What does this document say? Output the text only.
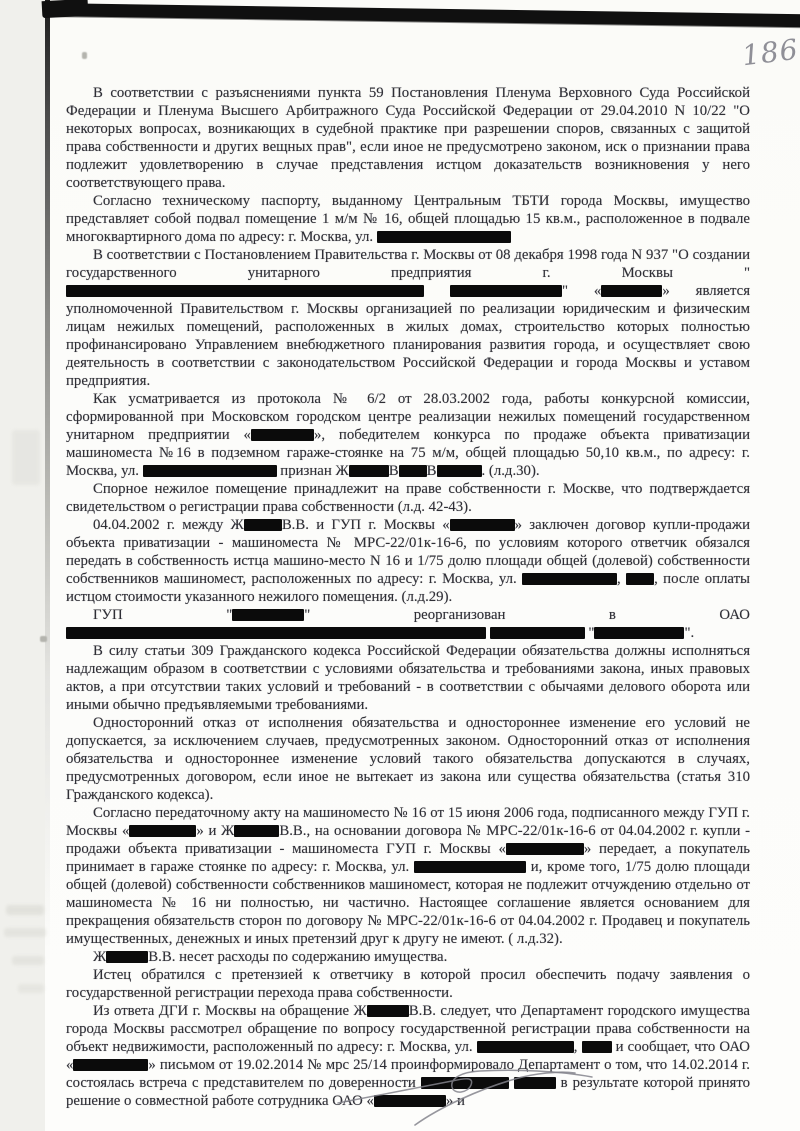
186

В соответствии с разъяснениями пункта 59 Постановления Пленума Верховного Суда Российской Федерации и Пленума Высшего Арбитражного Суда Российской Федерации от 29.04.2010 N 10/22 "О некоторых вопросах, возникающих в судебной практике при разрешении споров, связанных с защитой права собственности и других вещных прав", если иное не предусмотрено законом, иск о признании права подлежит удовлетворению в случае представления истцом доказательств возникновения у него соответствующего права.

Согласно техническому паспорту, выданному Центральным ТБТИ города Москвы, имущество представляет собой подвал помещение 1 м/м № 16, общей площадью 15 кв.м., расположенное в подвале многоквартирного дома по адресу: г. Москва, ул.

В соответствии с Постановлением Правительства г. Москвы от 08 декабря 1998 года N 937 "О создании государственного унитарного предприятия г. Москвы " " «	» является уполномоченной Правительством г. Москвы организацией по реализации юридическим и физическим лицам нежилых помещений, расположенных в жилых домах, строительство которых полностью профинансировано Управлением внебюджетного планирования развития города, и осуществляет свою деятельность в соответствии с законодательством Российской Федерации и города Москвы и уставом предприятия.

Как усматривается из протокола № 6/2 от 28.03.2002 года, работы конкурсной комиссии, сформированной при Московском городском центре реализации нежилых помещений государственном унитарном предприятии «	», победителем конкурса по продаже объекта приватизации машиноместа №16 в подземном гараже-стоянке на 75 м/м, общей площадью 50,10 кв.м., по адресу: г. Москва, ул.	признан Ж	В В	. (л.д.30).

Спорное нежилое помещение принадлежит на праве собственности г. Москве, что подтверждается свидетельством о регистрации права собственности (л.д. 42-43).

04.04.2002 г. между Ж	В.В. и ГУП г. Москвы «	» заключен договор купли-продажи объекта приватизации - машиноместа № МРС-22/01к-16-6, по условиям которого ответчик обязался передать в собственность истца машино-место N 16 и 1/75 долю площади общей (долевой) собственности собственников машиномест, расположенных по адресу: г. Москва, ул.	, , после оплаты истцом стоимости указанного нежилого помещения. (л.д.29).

ГУП "	" реорганизован в ОАО   "	".

В силу статьи 309 Гражданского кодекса Российской Федерации обязательства должны исполняться надлежащим образом в соответствии с условиями обязательства и требованиями закона, иных правовых актов, а при отсутствии таких условий и требований - в соответствии с обычаями делового оборота или иными обычно предъявляемыми требованиями.

Односторонний отказ от исполнения обязательства и одностороннее изменение его условий не допускается, за исключением случаев, предусмотренных законом. Односторонний отказ от исполнения обязательства и одностороннее изменение условий такого обязательства допускаются в случаях, предусмотренных договором, если иное не вытекает из закона или существа обязательства (статья 310 Гражданского кодекса).

Согласно передаточному акту на машиноместо № 16 от 15 июня 2006 года, подписанного между ГУП г. Москвы «	» и Ж	В.В., на основании договора № МРС-22/01к-16-6 от 04.04.2002 г. купли - продажи объекта приватизации - машиноместа ГУП г. Москвы «	» передает, а покупатель принимает в гараже стоянке по адресу: г. Москва, ул.	и, кроме того, 1/75 долю площади общей (долевой) собственности собственников машиномест, которая не подлежит отчуждению отдельно от машиноместа № 16 ни полностью, ни частично. Настоящее соглашение является основанием для прекращения обязательств сторон по договору № МРС-22/01к-16-6 от 04.04.2002 г. Продавец и покупатель имущественных, денежных и иных претензий друг к другу не имеют. ( л.д.32).

Ж	В.В. несет расходы по содержанию имущества.

Истец обратился с претензией к ответчику в которой просил обеспечить подачу заявления о государственной регистрации перехода права собственности.

Из ответа ДГИ г. Москвы на обращение Ж	В.В. следует, что Департамент городского имущества города Москвы рассмотрел обращение по вопросу государственной регистрации права собственности на объект недвижимости, расположенный по адресу: г. Москва, ул.	,  и сообщает, что ОАО «	» письмом от 19.02.2014 № мрс 25/14 проинформировало Департамент о том, что 14.02.2014 г. состоялась встреча с представителем по доверенности	в результате которой принято решение о совместной работе сотрудника ОАО «	» и
